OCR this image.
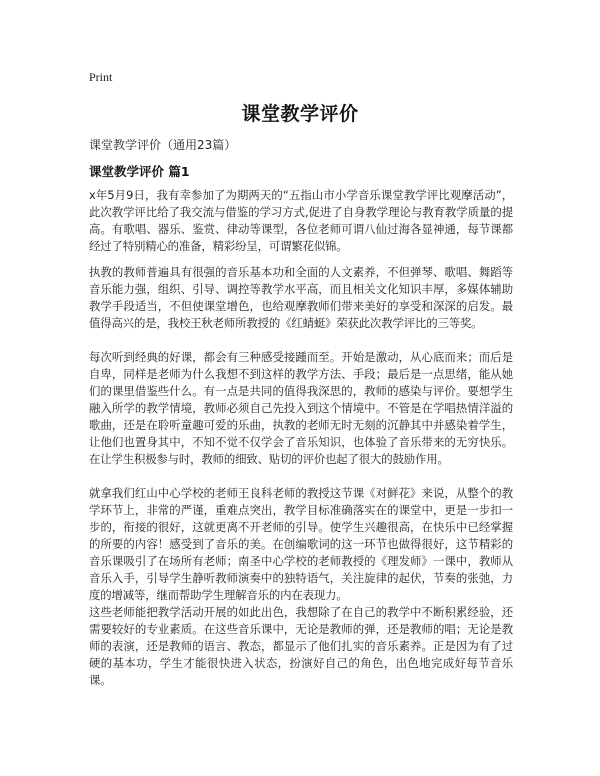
Print
课堂教学评价
课堂教学评价（通用23篇）
课堂教学评价 篇1

x年5月9日，我有幸参加了为期两天的“五指山市小学音乐课堂教学评比观摩活动”，此次教学评比给了我交流与借鉴的学习方式,促进了自身教学理论与教育教学质量的提高。有歌唱、器乐、鉴赏、律动等课型，各位老师可谓八仙过海各显神通，每节课都经过了特别精心的准备，精彩纷呈，可谓繁花似锦。

执教的教师普遍具有很强的音乐基本功和全面的人文素养，不但弹琴、歌唱、舞蹈等音乐能力强，组织、引导、调控等教学水平高，而且相关文化知识丰厚，多媒体辅助教学手段适当，不但使课堂增色，也给观摩教师们带来美好的享受和深深的启发。最值得高兴的是，我校王秋老师所教授的《红蜻蜓》荣获此次教学评比的三等奖。

每次听到经典的好课，都会有三种感受接踵而至。开始是激动，从心底而来；而后是自卑，同样是老师为什么我想不到这样的教学方法、手段；最后是一点思绪，能从她们的课里借鉴些什么。有一点是共同的值得我深思的，教师的感染与评价。要想学生融入所学的教学情境，教师必须自己先投入到这个情境中。不管是在学唱热情洋溢的歌曲，还是在聆听童趣可爱的乐曲，执教的老师无时无刻的沉静其中并感染着学生，让他们也置身其中，不知不觉不仅学会了音乐知识，也体验了音乐带来的无穷快乐。在让学生积极参与时，教师的细致、贴切的评价也起了很大的鼓励作用。

就拿我们红山中心学校的老师王良科老师的教授这节课《对鲜花》来说，从整个的教学环节上，非常的严谨，重难点突出，教学目标准确落实在的课堂中，更是一步扣一步的，衔接的很好，这就更离不开老师的引导。使学生兴趣很高，在快乐中已经掌握的所要的内容！感受到了音乐的美。在创编歌词的这一环节也做得很好，这节精彩的音乐课吸引了在场所有老师；南圣中心学校的老师教授的《理发师》一课中，教师从音乐入手，引导学生静听教师演奏中的独特语气，关注旋律的起伏，节奏的张弛，力度的增减等，继而帮助学生理解音乐的内在表现力。

这些老师能把教学活动开展的如此出色，我想除了在自己的教学中不断积累经验，还需要较好的专业素质。在这些音乐课中，无论是教师的弹，还是教师的唱；无论是教师的表演，还是教师的语言、教态，都显示了他们扎实的音乐素养。正是因为有了过硬的基本功，学生才能很快进入状态，扮演好自己的角色，出色地完成好每节音乐课。
